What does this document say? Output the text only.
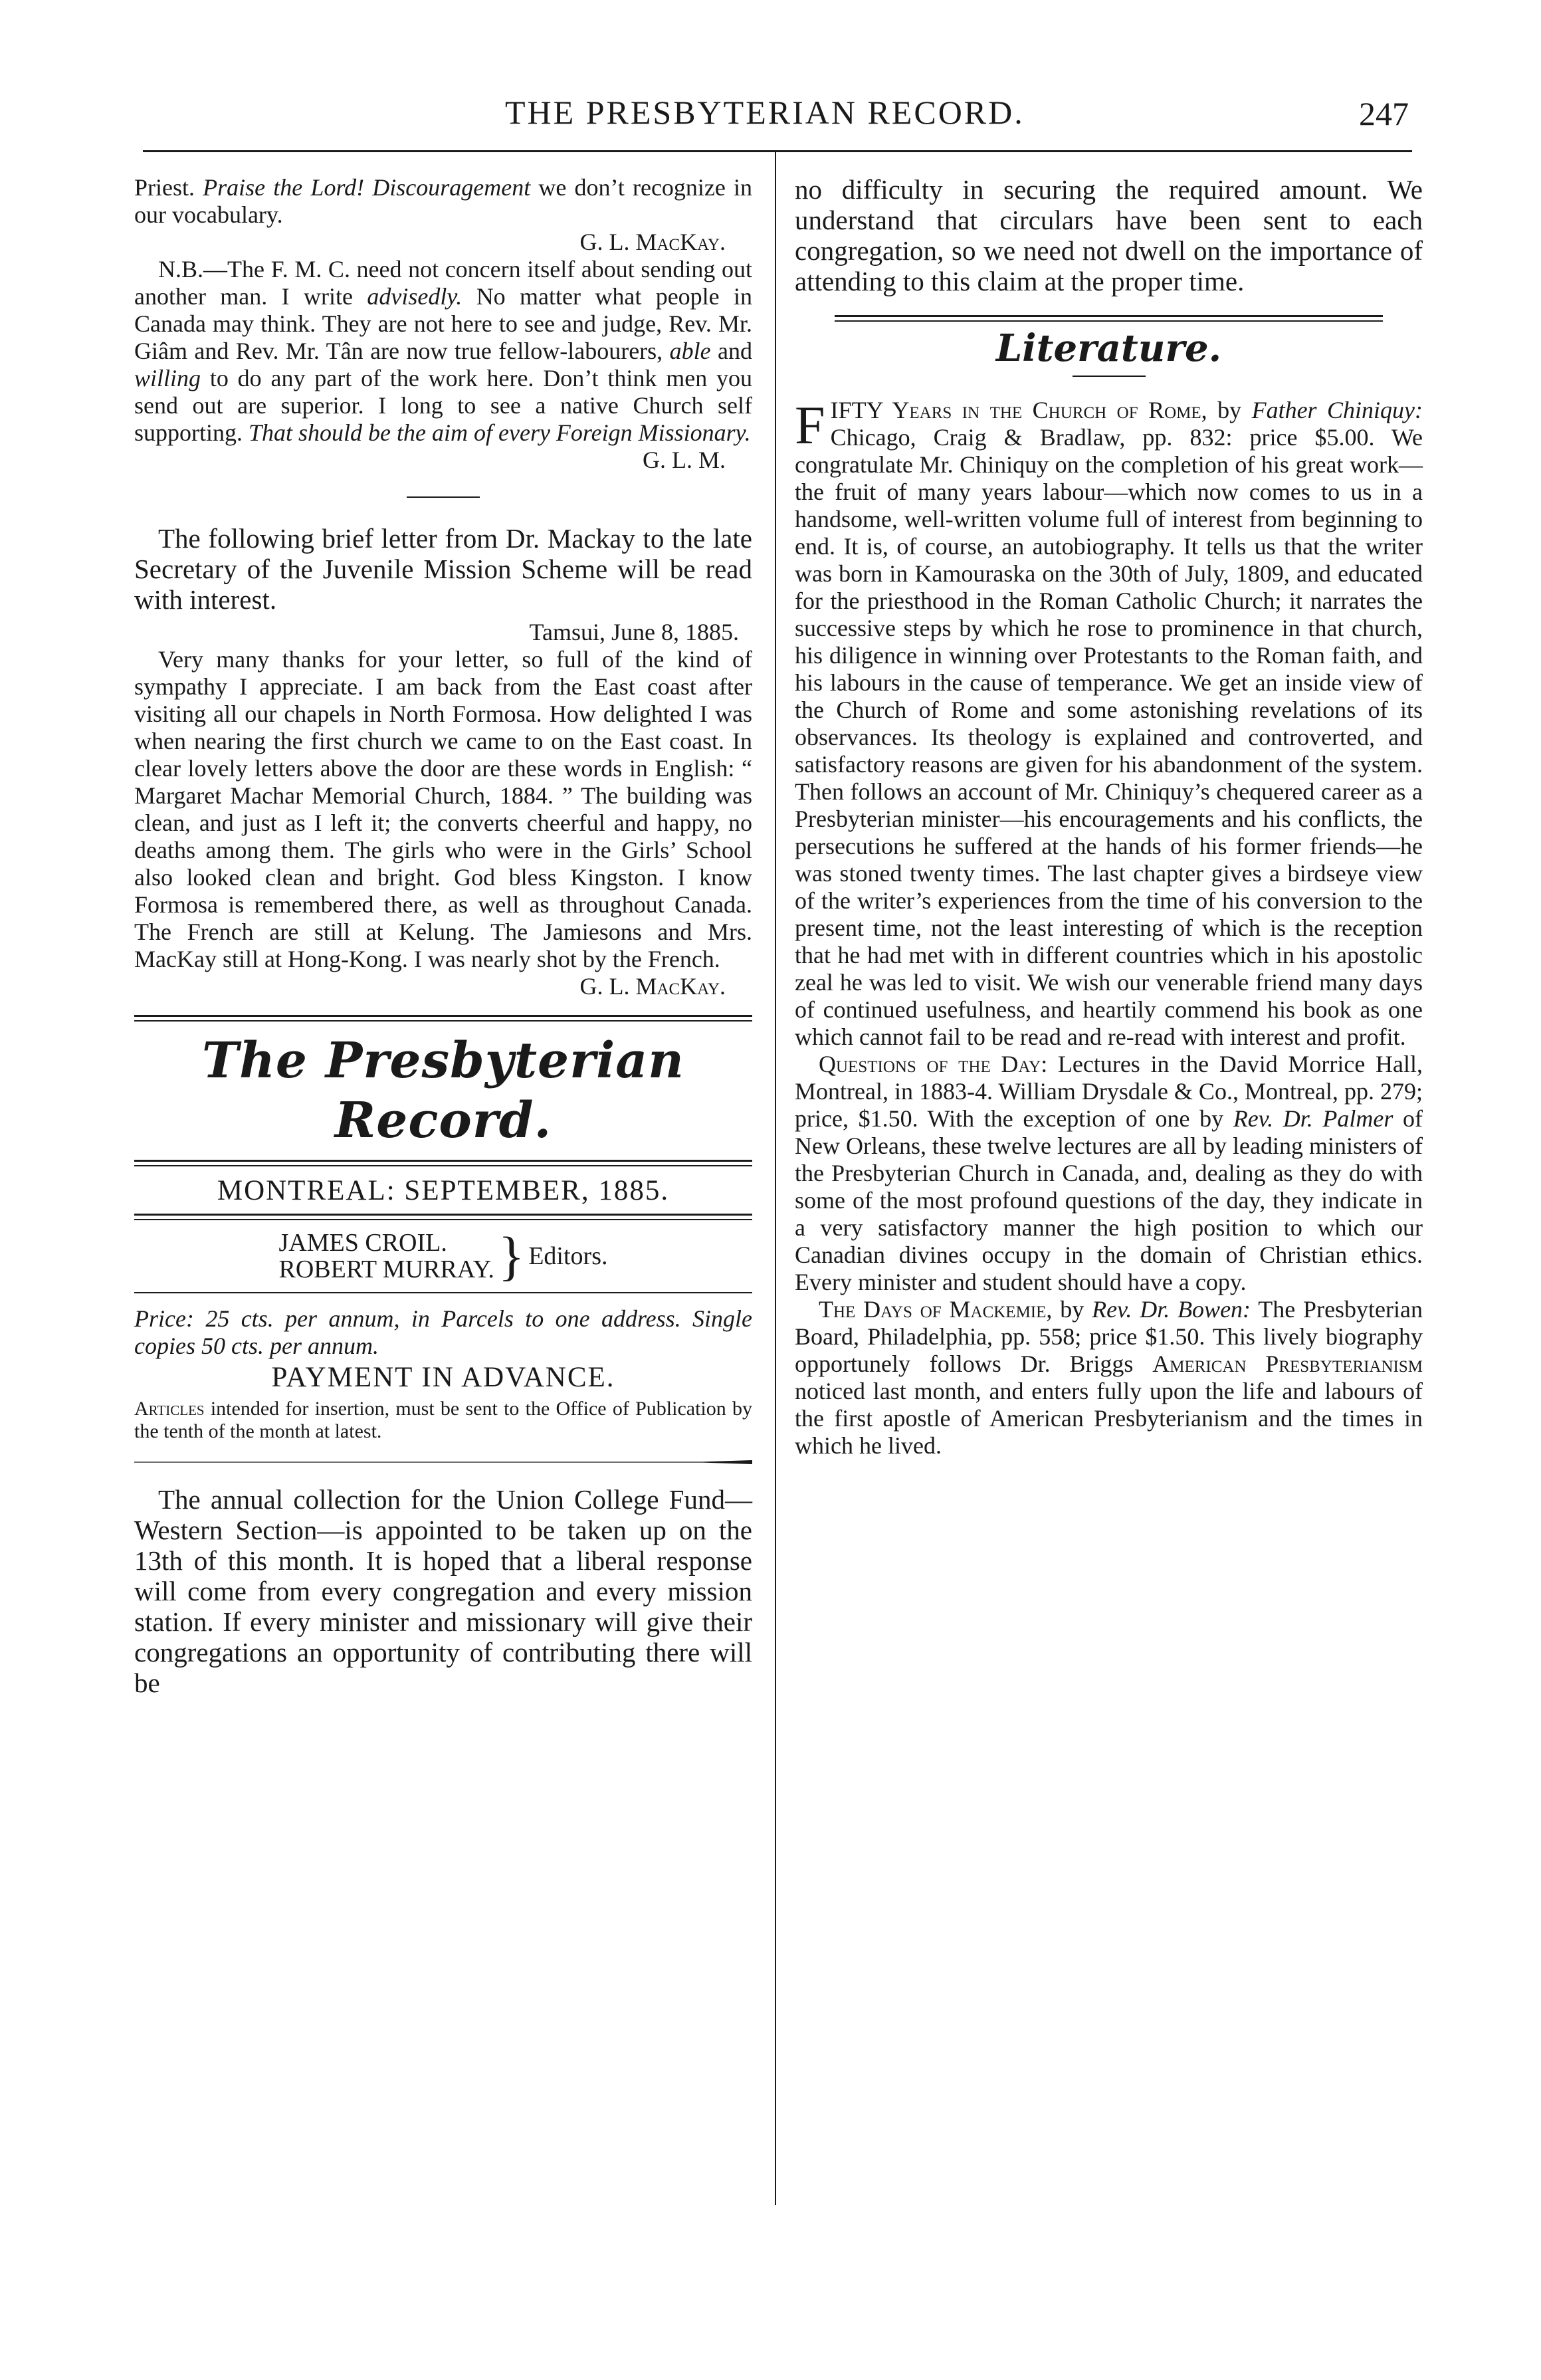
THE PRESBYTERIAN RECORD.	247

Priest. Praise the Lord! Discouragement we don’t recognize in our vocabulary.

G. L. MacKay.

N.B.—The F. M. C. need not concern itself about sending out another man. I write advisedly. No matter what people in Canada may think. They are not here to see and judge, Rev. Mr. Giâm and Rev. Mr. Tân are now true fellow-labourers, able and willing to do any part of the work here. Don’t think men you send out are superior. I long to see a native Church self supporting. That should be the aim of every Foreign Missionary.

G. L. M.

The following brief letter from Dr. Mackay to the late Secretary of the Juvenile Mission Scheme will be read with interest.

Tamsui, June 8, 1885.

Very many thanks for your letter, so full of the kind of sympathy I appreciate. I am back from the East coast after visiting all our chapels in North Formosa. How delighted I was when nearing the first church we came to on the East coast. In clear lovely letters above the door are these words in English: “ Margaret Machar Memorial Church, 1884. ” The building was clean, and just as I left it; the converts cheerful and happy, no deaths among them. The girls who were in the Girls’ School also looked clean and bright. God bless Kingston. I know Formosa is remembered there, as well as throughout Canada. The French are still at Kelung. The Jamiesons and Mrs. MacKay still at Hong-Kong. I was nearly shot by the French.

G. L. MacKay.

The Presbyterian Record.
MONTREAL: SEPTEMBER, 1885.
JAMES CROIL.
ROBERT MURRAY. } Editors.

Price: 25 cts. per annum, in Parcels to one address. Single copies 50 cts. per annum.

PAYMENT IN ADVANCE.

Articles intended for insertion, must be sent to the Office of Publication by the tenth of the month at latest.

The annual collection for the Union College Fund—Western Section—is appointed to be taken up on the 13th of this month. It is hoped that a liberal response will come from every congregation and every mission station. If every minister and missionary will give their congregations an opportunity of contributing there will be

no difficulty in securing the required amount. We understand that circulars have been sent to each congregation, so we need not dwell on the importance of attending to this claim at the proper time.

Literature.

F IFTY Years in the Church of Rome, by Father Chiniquy: Chicago, Craig & Bradlaw, pp. 832: price $5.00. We congratulate Mr. Chiniquy on the completion of his great work—the fruit of many years labour—which now comes to us in a handsome, well-written volume full of interest from beginning to end. It is, of course, an autobiography. It tells us that the writer was born in Kamouraska on the 30th of July, 1809, and educated for the priesthood in the Roman Catholic Church; it narrates the successive steps by which he rose to prominence in that church, his diligence in winning over Protestants to the Roman faith, and his labours in the cause of temperance. We get an inside view of the Church of Rome and some astonishing revelations of its observances. Its theology is explained and controverted, and satisfactory reasons are given for his abandonment of the system. Then follows an account of Mr. Chiniquy’s chequered career as a Presbyterian minister—his encouragements and his conflicts, the persecutions he suffered at the hands of his former friends—he was stoned twenty times. The last chapter gives a birdseye view of the writer’s experiences from the time of his conversion to the present time, not the least interesting of which is the reception that he had met with in different countries which in his apostolic zeal he was led to visit. We wish our venerable friend many days of continued usefulness, and heartily commend his book as one which cannot fail to be read and re-read with interest and profit.

Questions of the Day: Lectures in the David Morrice Hall, Montreal, in 1883-4. William Drysdale & Co., Montreal, pp. 279; price, $1.50. With the exception of one by Rev. Dr. Palmer of New Orleans, these twelve lectures are all by leading ministers of the Presbyterian Church in Canada, and, dealing as they do with some of the most profound questions of the day, they indicate in a very satisfactory manner the high position to which our Canadian divines occupy in the domain of Christian ethics. Every minister and student should have a copy.

The Days of Mackemie, by Rev. Dr. Bowen: The Presbyterian Board, Philadelphia, pp. 558; price $1.50. This lively biography opportunely follows Dr. Briggs American Presbyterianism noticed last month, and enters fully upon the life and labours of the first apostle of American Presbyterianism and the times in which he lived.
